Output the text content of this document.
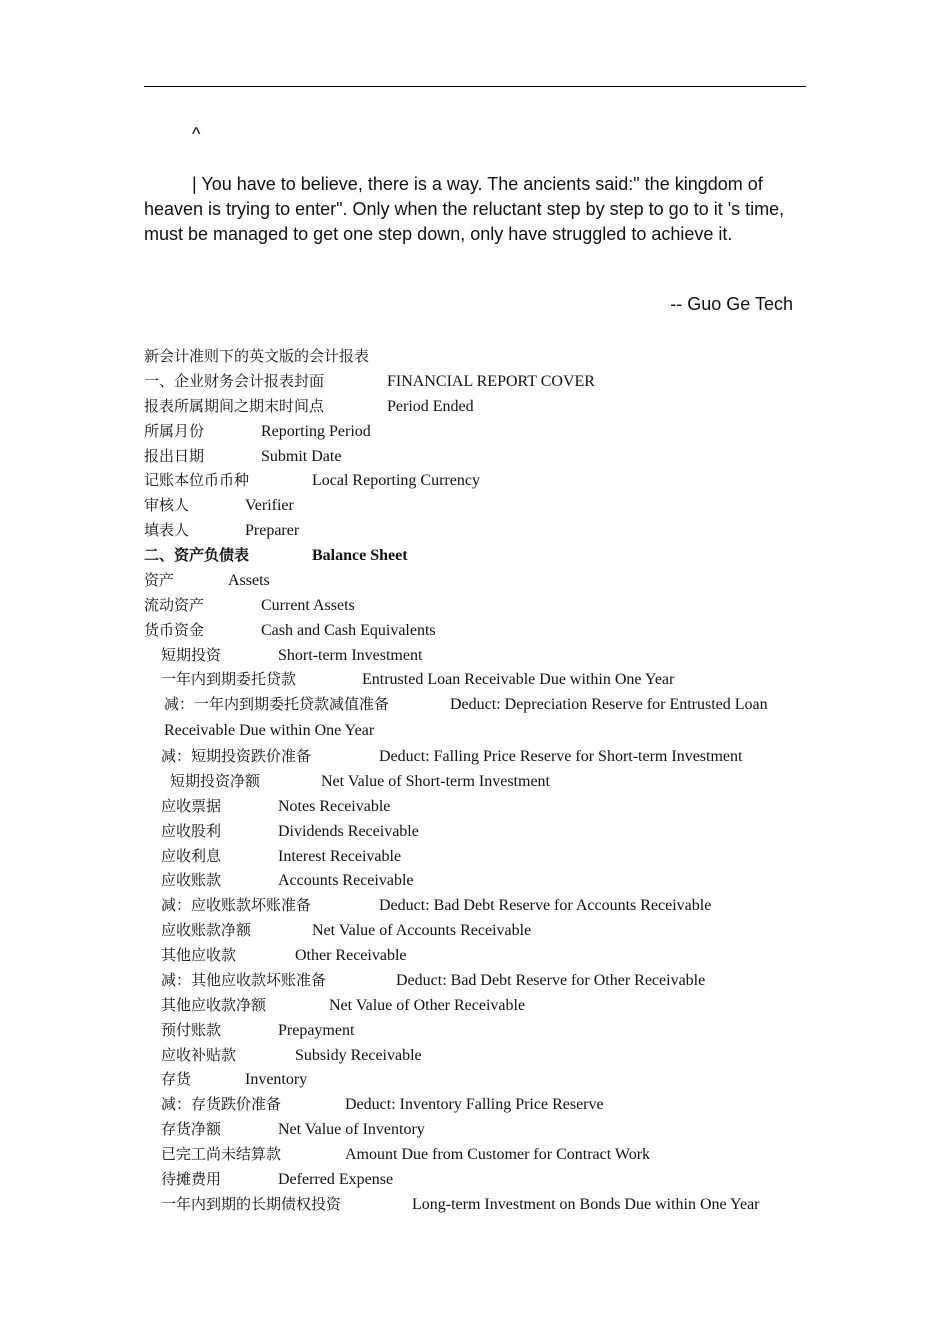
^

| You have to believe, there is a way. The ancients said:" the kingdom of heaven is trying to enter". Only when the reluctant step by step to go to it 's time, must be managed to get one step down, only have struggled to achieve it.

-- Guo Ge Tech
新会计准则下的英文版的会计报表
一、企业财务会计报表封面	FINANCIAL REPORT COVER
报表所属期间之期末时间点	Period Ended
所属月份	Reporting Period
报出日期	Submit Date
记账本位币币种	Local Reporting Currency
审核人	Verifier
填表人	Preparer
二、资产负债表	Balance Sheet
资产	Assets
流动资产	Current Assets
货币资金	Cash and Cash Equivalents
短期投资	Short-term Investment
一年内到期委托贷款	Entrusted Loan Receivable Due within One Year
减：一年内到期委托贷款减值准备	Deduct: Depreciation Reserve for Entrusted Loan Receivable Due within One Year
减：短期投资跌价准备	Deduct: Falling Price Reserve for Short-term Investment
短期投资净额	Net Value of Short-term Investment
应收票据	Notes Receivable
应收股利	Dividends Receivable
应收利息	Interest Receivable
应收账款	Accounts Receivable
减：应收账款坏账准备	Deduct: Bad Debt Reserve for Accounts Receivable
应收账款净额	Net Value of Accounts Receivable
其他应收款	Other Receivable
减：其他应收款坏账准备	Deduct: Bad Debt Reserve for Other Receivable
其他应收款净额	Net Value of Other Receivable
预付账款	Prepayment
应收补贴款	Subsidy Receivable
存货	Inventory
减：存货跌价准备	Deduct: Inventory Falling Price Reserve
存货净额	Net Value of Inventory
已完工尚未结算款	Amount Due from Customer for Contract Work
待摊费用	Deferred Expense
一年内到期的长期债权投资	Long-term Investment on Bonds Due within One Year
